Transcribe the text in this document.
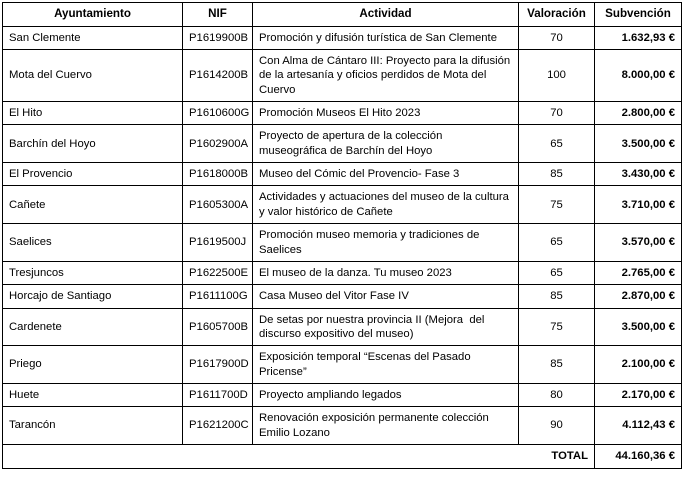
Ayuntamiento	NIF	Actividad	Valoración	Subvención
San Clemente	P1619900B	Promoción y difusión turística de San Clemente	70	1.632,93 €
Mota del Cuervo	P1614200B	Con Alma de Cántaro III: Proyecto para la difusión de la artesanía y oficios perdidos de Mota del Cuervo	100	8.000,00 €
El Hito	P1610600G	Promoción Museos El Hito 2023	70	2.800,00 €
Barchín del Hoyo	P1602900A	Proyecto de apertura de la colección museográfica de Barchín del Hoyo	65	3.500,00 €
El Provencio	P1618000B	Museo del Cómic del Provencio- Fase 3	85	3.430,00 €
Cañete	P1605300A	Actividades y actuaciones del museo de la cultura y valor histórico de Cañete	75	3.710,00 €
Saelices	P1619500J	Promoción museo memoria y tradiciones de Saelices	65	3.570,00 €
Tresjuncos	P1622500E	El museo de la danza. Tu museo 2023	65	2.765,00 €
Horcajo de Santiago	P1611100G	Casa Museo del Vitor Fase IV	85	2.870,00 €
Cardenete	P1605700B	De setas por nuestra provincia II (Mejora  del discurso expositivo del museo)	75	3.500,00 €
Priego	P1617900D	Exposición temporal “Escenas del Pasado Pricense”	85	2.100,00 €
Huete	P1611700D	Proyecto ampliando legados	80	2.170,00 €
Tarancón	P1621200C	Renovación exposición permanente colección Emilio Lozano	90	4.112,43 €
TOTAL				44.160,36 €
